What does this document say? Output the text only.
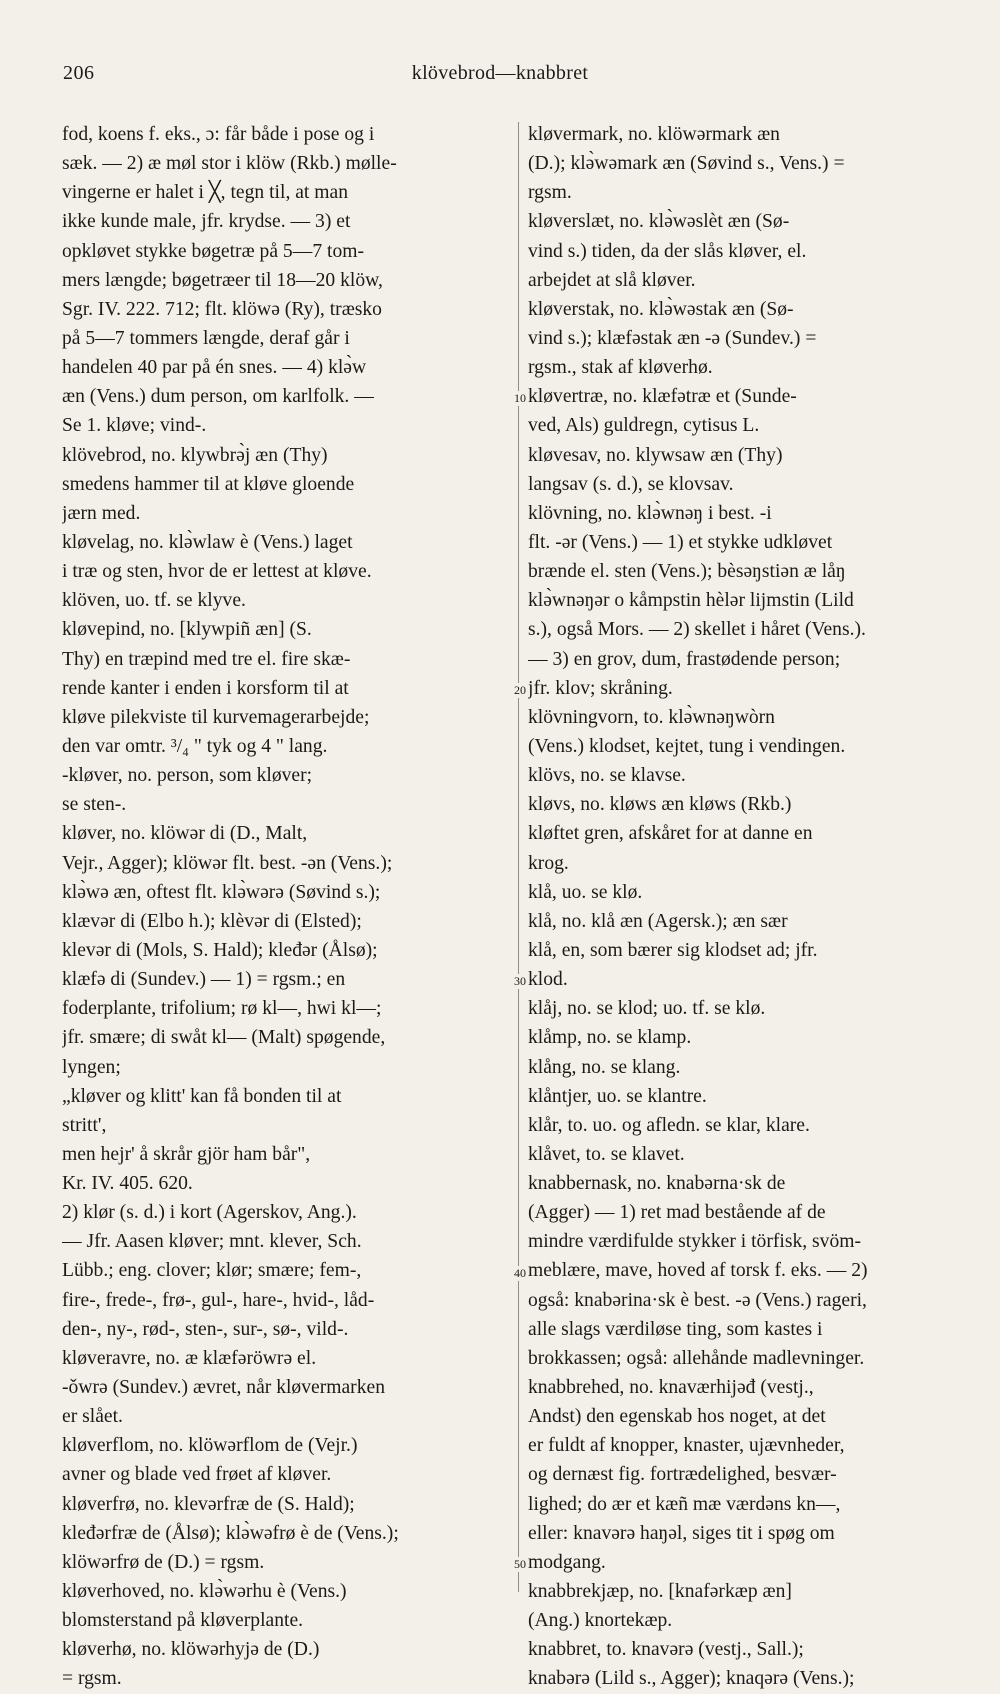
206	klövebrod—knabbret
fod, koens f. eks., ɔ: får både i pose og i
sæk. — 2) æ møl stor i klöw (Rkb.) mølle-
vingerne er halet i ╳, tegn til, at man
ikke kunde male, jfr. krydse. — 3) et
opkløvet stykke bøgetræ på 5—7 tom-
mers længde; bøgetræer til 18—20 klöw,
Sgr. IV. 222. 712; flt. klöwə (Ry), træsko
på 5—7 tommers længde, deraf går i
handelen 40 par på én snes. — 4) klə̀w
æn (Vens.) dum person, om karlfolk. —
Se 1. kløve; vind-.
klövebrod, no. klywbrə̀j æn (Thy)
smedens hammer til at kløve gloende
jærn med.
kløvelag, no. klə̀wlaw è (Vens.) laget
i træ og sten, hvor de er lettest at kløve.
klöven, uo. tf. se klyve.
kløvepind, no. [klywpiñ æn] (S.
Thy) en træpind med tre el. fire skæ-
rende kanter i enden i korsform til at
kløve pilekviste til kurvemagerarbejde;
den var omtr. ³/₄ " tyk og 4 " lang.
-kløver, no. person, som kløver;
se sten-.
kløver, no. klöwər di (D., Malt,
Vejr., Agger); klöwər flt. best. -ən (Vens.);
klə̀wə æn, oftest flt. klə̀wərə (Søvind s.);
klævər di (Elbo h.); klèvər di (Elsted);
klevər di (Mols, S. Hald); kleđər (Ålsø);
klæfə di (Sundev.) — 1) = rgsm.; en
foderplante, trifolium; rø kl—, hwi kl—;
jfr. smære; di swåt kl— (Malt) spøgende,
lyngen;
„kløver og klitt' kan få bonden til at
stritt',
men hejr' å skrår gjör ham bår",
Kr. IV. 405. 620.
2) klør (s. d.) i kort (Agerskov, Ang.).
— Jfr. Aasen kløver; mnt. klever, Sch.
Lübb.; eng. clover; klør; smære; fem-,
fire-, frede-, frø-, gul-, hare-, hvid-, låd-
den-, ny-, rød-, sten-, sur-, sø-, vild-.
kløveravre, no. æ klæfəröwrə el.
-ǒwrə (Sundev.) ævret, når kløvermarken
er slået.
kløverflom, no. klöwərflom de (Vejr.)
avner og blade ved frøet af kløver.
kløverfrø, no. klevərfræ de (S. Hald);
kleđərfræ de (Ålsø); klə̀wəfrø è de (Vens.);
klöwərfrø de (D.) = rgsm.
kløverhoved, no. klə̀wərhu è (Vens.)
blomsterstand på kløverplante.
kløverhø, no. klöwərhyjə de (D.)
= rgsm.
10
20
30
40
50
kløvermark, no. klöwərmark æn
(D.); klə̀wəmark æn (Søvind s., Vens.) =
rgsm.
kløverslæt, no. klə̀wəslèt æn (Sø-
vind s.) tiden, da der slås kløver, el.
arbejdet at slå kløver.
kløverstak, no. klə̀wəstak æn (Sø-
vind s.); klæfəstak æn -ə (Sundev.) =
rgsm., stak af kløverhø.
kløvertræ, no. klæfətræ et (Sunde-
ved, Als) guldregn, cytisus L.
kløvesav, no. klywsaw æn (Thy)
langsav (s. d.), se klovsav.
klövning, no. klə̀wnəŋ i best. -i
flt. -ər (Vens.) — 1) et stykke udkløvet
brænde el. sten (Vens.); bèsəŋstiən æ låŋ
klə̀wnəŋər o kåmpstin hèlər lijmstin (Lild
s.), også Mors. — 2) skellet i håret (Vens.).
— 3) en grov, dum, frastødende person;
jfr. klov; skråning.
klövningvorn, to. klə̀wnəŋwòrn
(Vens.) klodset, kejtet, tung i vendingen.
klövs, no. se klavse.
kløvs, no. kløws æn kløws (Rkb.)
kløftet gren, afskåret for at danne en
krog.
klå, uo. se klø.
klå, no. klå æn (Agersk.); æn sær
klå, en, som bærer sig klodset ad; jfr.
klod.
klåj, no. se klod; uo. tf. se klø.
klåmp, no. se klamp.
klång, no. se klang.
klåntjer, uo. se klantre.
klår, to. uo. og afledn. se klar, klare.
klåvet, to. se klavet.
knabbernask, no. knabərna·sk de
(Agger) — 1) ret mad bestående af de
mindre værdifulde stykker i törfisk, svöm-
meblære, mave, hoved af torsk f. eks. — 2)
også: knabərina·sk è best. -ə (Vens.) rageri,
alle slags værdiløse ting, som kastes i
brokkassen; også: allehånde madlevninger.
knabbrehed, no. knaværhijəđ (vestj.,
Andst) den egenskab hos noget, at det
er fuldt af knopper, knaster, ujævnheder,
og dernæst fig. fortrædelighed, besvær-
lighed; do ær et kæñ mæ værdəns kn—,
eller: knavərə haŋəl, siges tit i spøg om
modgang.
knabbrekjæp, no. [knafərkæp æn]
(Ang.) knortekæp.
knabbret, to. knavərə (vestj., Sall.);
knabərə (Lild s., Agger); knaqərə (Vens.);
